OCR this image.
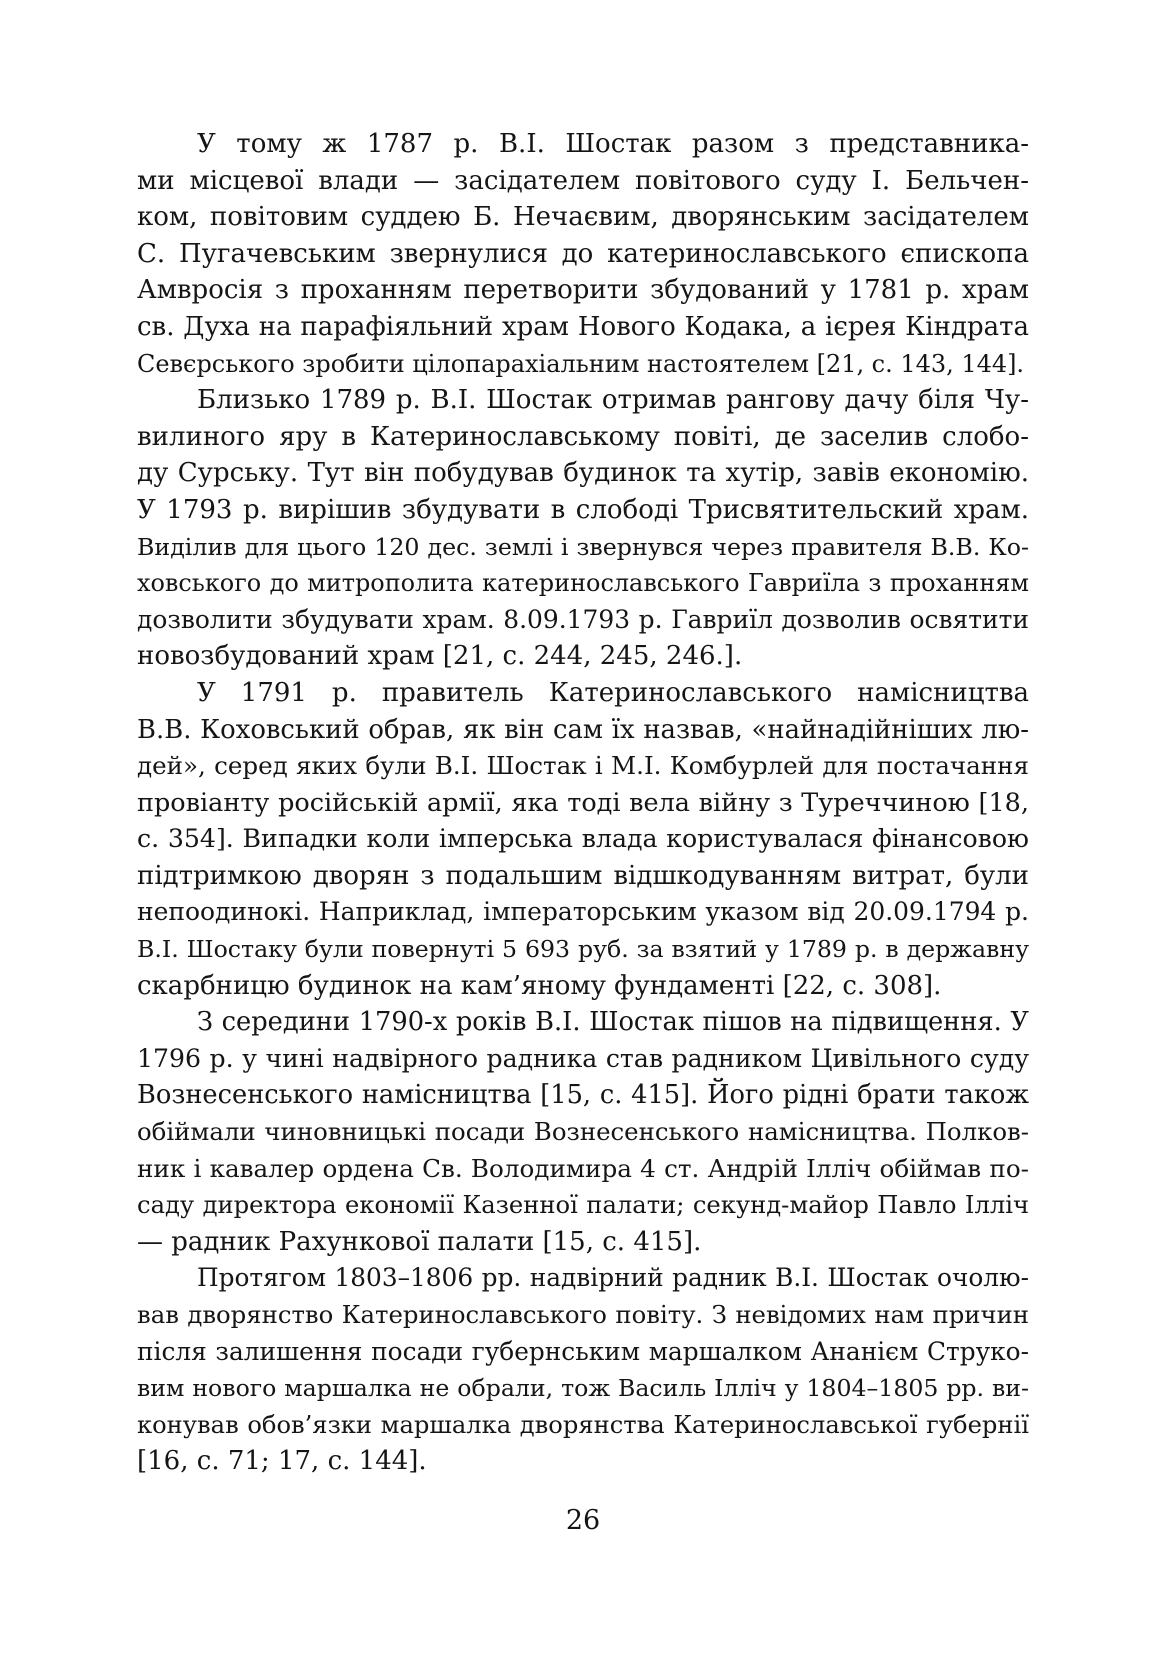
У тому ж 1787 р. В.І. Шостак разом з представника-
ми місцевої влади — засідателем повітового суду І. Бельчен-
ком, повітовим суддею Б. Нечаєвим, дворянським засідателем
С. Пугачевським звернулися до катеринославського єпископа
Амвросія з проханням перетворити збудований у 1781 р. храм
св. Духа на парафіяльний храм Нового Кодака, а ієрея Кіндрата
Севєрського зробити цілопарахіальним настоятелем [21, с. 143, 144].
Близько 1789 р. В.І. Шостак отримав рангову дачу біля Чу-
вилиного яру в Катеринославському повіті, де заселив слобо-
ду Сурську. Тут він побудував будинок та хутір, завів економію.
У 1793 р. вирішив збудувати в слободі Трисвятительский храм.
Виділив для цього 120 дес. землі і звернувся через правителя В.В. Ко-
ховського до митрополита катеринославського Гавриїла з проханням
дозволити збудувати храм. 8.09.1793 р. Гавриїл дозволив освятити
новозбудований храм [21, с. 244, 245, 246.].
У 1791 р. правитель Катеринославського намісництва
В.В. Коховський обрав, як він сам їх назвав, «найнадійніших лю-
дей», серед яких були В.І. Шостак і М.І. Комбурлей для постачання
провіанту російській армії, яка тоді вела війну з Туреччиною [18,
с. 354]. Випадки коли імперська влада користувалася фінансовою
підтримкою дворян з подальшим відшкодуванням витрат, були
непоодинокі. Наприклад, імператорським указом від 20.09.1794 р.
В.І. Шостаку були повернуті 5 693 руб. за взятий у 1789 р. в державну
скарбницю будинок на кам’яному фундаменті [22, с. 308].
З середини 1790-х років В.І. Шостак пішов на підвищення. У
1796 р. у чині надвірного радника став радником Цивільного суду
Вознесенського намісництва [15, с. 415]. Його рідні брати також
обіймали чиновницькі посади Вознесенського намісництва. Полков-
ник і кавалер ордена Св. Володимира 4 ст. Андрій Ілліч обіймав по-
саду директора економії Казенної палати; секунд-майор Павло Ілліч
— радник Рахункової палати [15, с. 415].
Протягом 1803–1806 рр. надвірний радник В.І. Шостак очолю-
вав дворянство Катеринославського повіту. З невідомих нам причин
після залишення посади губернським маршалком Ананієм Струко-
вим нового маршалка не обрали, тож Василь Ілліч у 1804–1805 рр. ви-
конував обов’язки маршалка дворянства Катеринославської губернії
[16, с. 71; 17, с. 144].
26
